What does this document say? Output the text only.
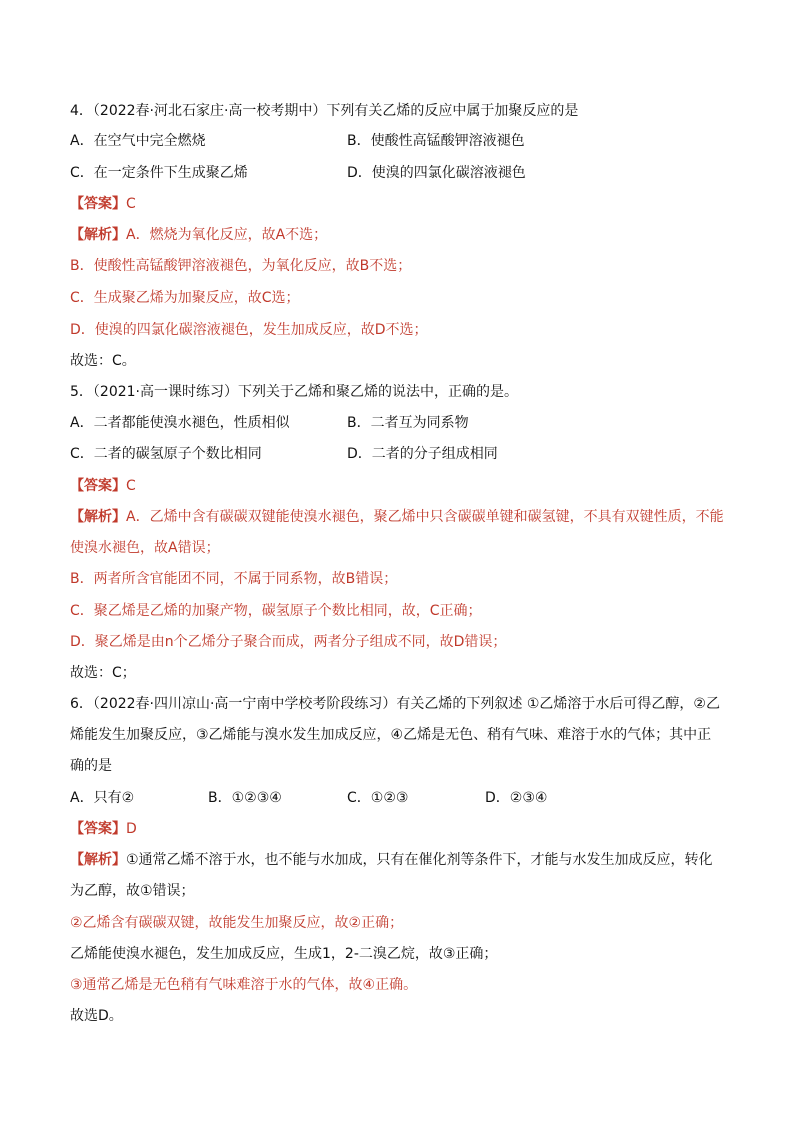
4．（2022春·河北石家庄·高一校考期中）下列有关乙烯的反应中属于加聚反应的是
A．在空气中完全燃烧	B．使酸性高锰酸钾溶液褪色
C．在一定条件下生成聚乙烯	D．使溴的四氯化碳溶液褪色
【答案】C
【解析】A．燃烧为氧化反应，故A不选；
B．使酸性高锰酸钾溶液褪色，为氧化反应，故B不选；
C．生成聚乙烯为加聚反应，故C选；
D．使溴的四氯化碳溶液褪色，发生加成反应，故D不选；
故选：C。
5．（2021·高一课时练习）下列关于乙烯和聚乙烯的说法中，正确的是。
A．二者都能使溴水褪色，性质相似	B．二者互为同系物
C．二者的碳氢原子个数比相同	D．二者的分子组成相同
【答案】C
【解析】A．乙烯中含有碳碳双键能使溴水褪色，聚乙烯中只含碳碳单键和碳氢键，不具有双键性质，不能
使溴水褪色，故A错误；
B．两者所含官能团不同，不属于同系物，故B错误；
C．聚乙烯是乙烯的加聚产物，碳氢原子个数比相同，故，C正确；
D．聚乙烯是由n个乙烯分子聚合而成，两者分子组成不同，故D错误；
故选：C；
6．（2022春·四川凉山·高一宁南中学校考阶段练习）有关乙烯的下列叙述 ①乙烯溶于水后可得乙醇，②乙
烯能发生加聚反应，③乙烯能与溴水发生加成反应，④乙烯是无色、稍有气味、难溶于水的气体；其中正
确的是
A．只有②	B．①②③④	C．①②③	D．②③④
【答案】D
【解析】①通常乙烯不溶于水，也不能与水加成，只有在催化剂等条件下，才能与水发生加成反应，转化
为乙醇，故①错误；
②乙烯含有碳碳双键，故能发生加聚反应，故②正确；
乙烯能使溴水褪色，发生加成反应，生成1，2-二溴乙烷，故③正确；
③通常乙烯是无色稍有气味难溶于水的气体，故④正确。
故选D。
